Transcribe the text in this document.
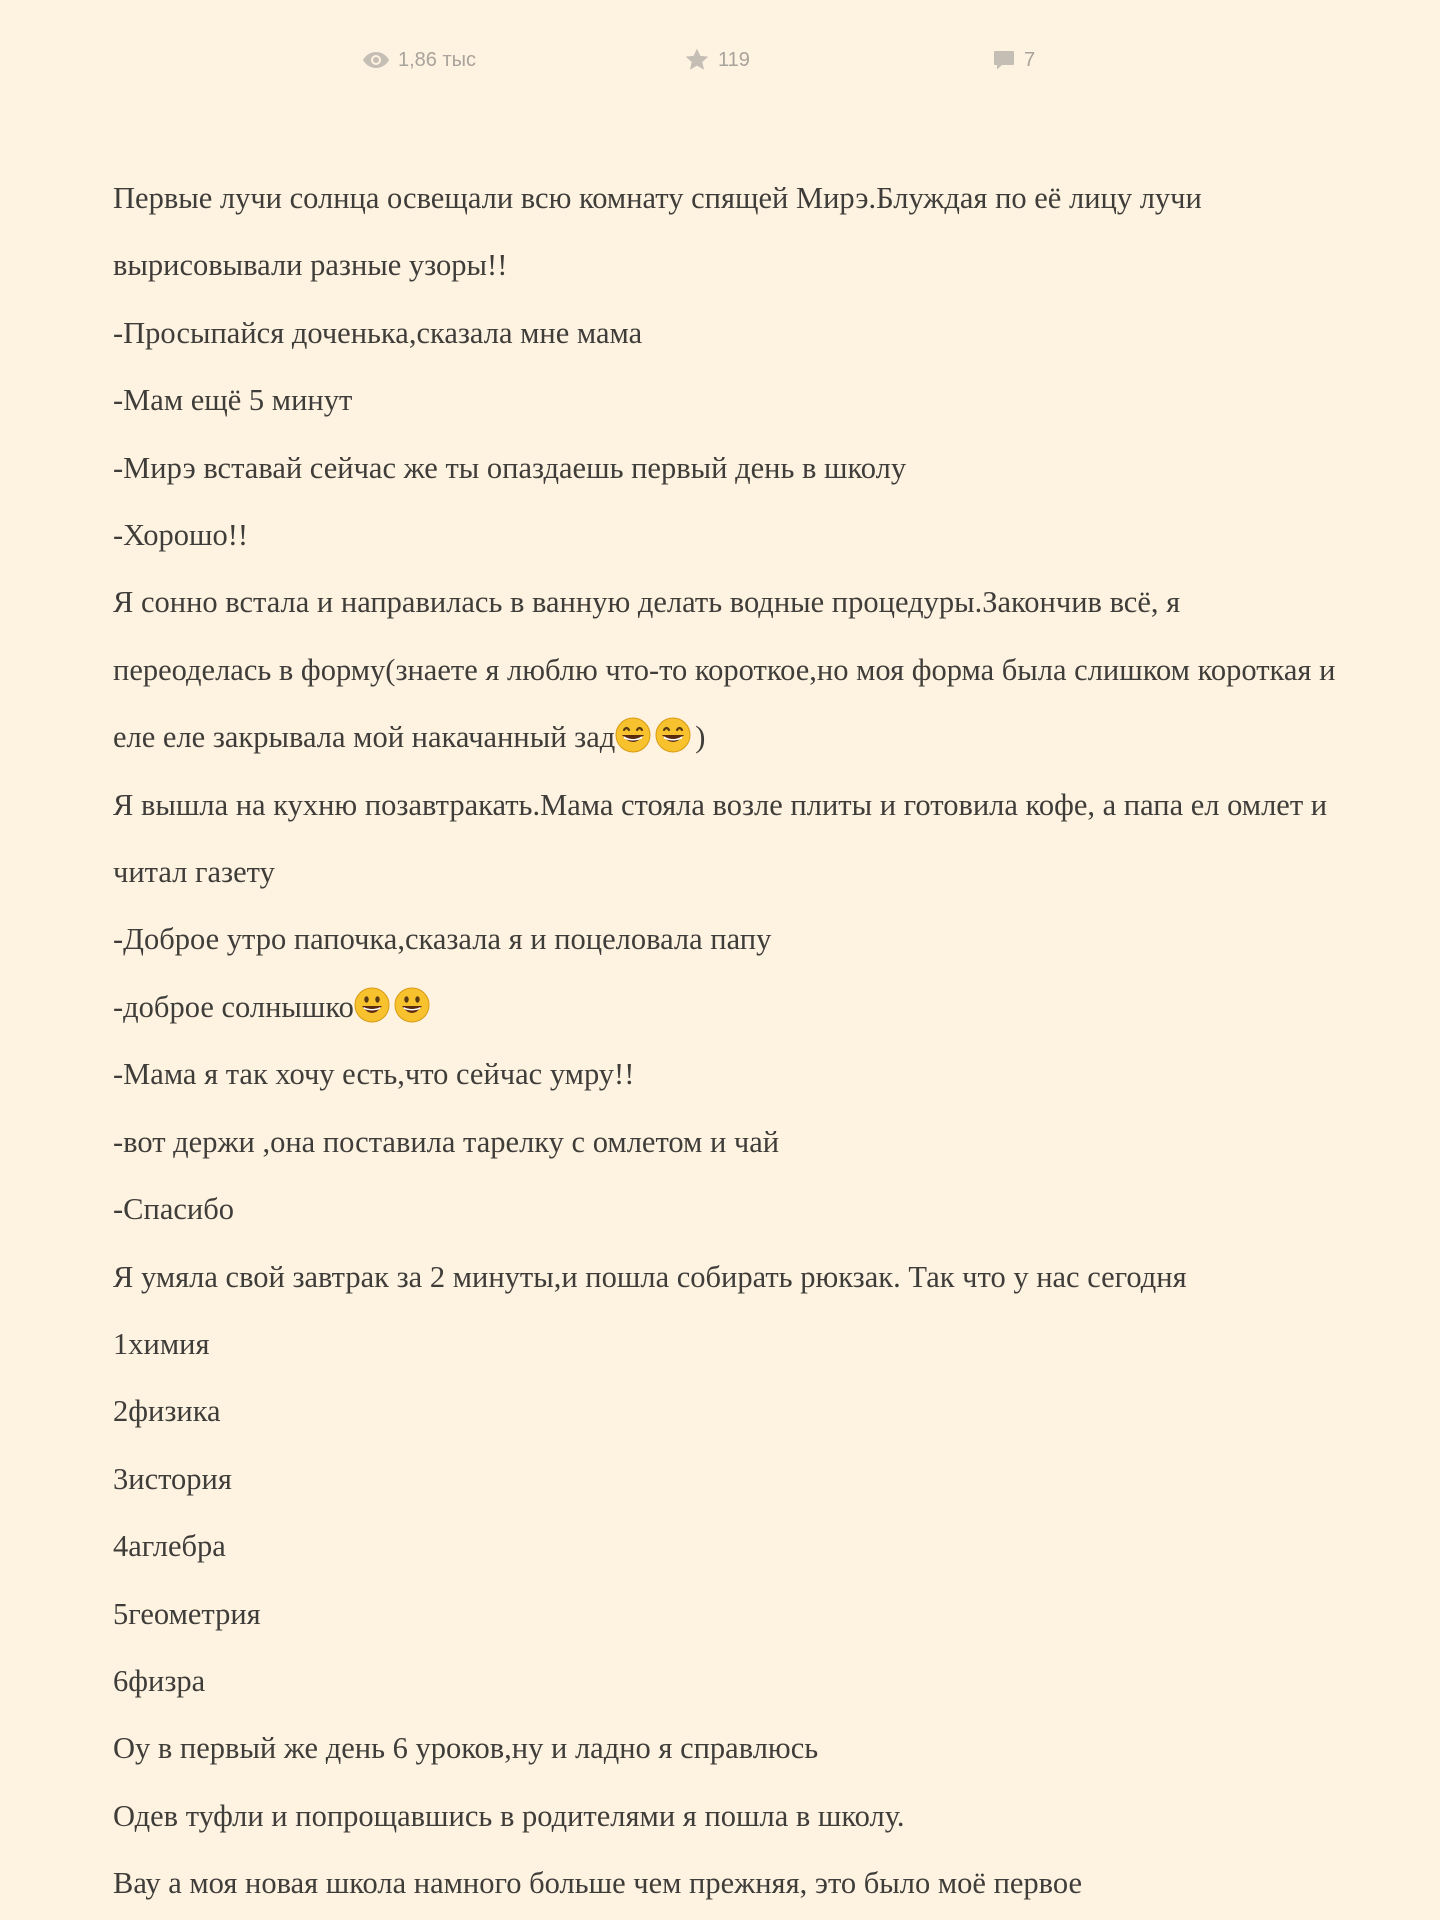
1,86 тыс	119	7

Первые лучи солнца освещали всю комнату спящей Мирэ.Блуждая по её лицу лучи вырисовывали разные узоры!!

-Просыпайся доченька,сказала мне мама

-Мам ещё 5 минут

-Мирэ вставай сейчас же ты опаздаешь первый день в школу

-Хорошо!!

Я сонно встала и направилась в ванную делать водные процедуры.Закончив всё, я переоделась в форму(знаете я люблю что-то короткое,но моя форма была слишком короткая и еле еле закрывала мой накачанный зад	)

Я вышла на кухню позавтракать.Мама стояла возле плиты и готовила кофе, а папа ел омлет и читал газету

-Доброе утро папочка,сказала я и поцеловала папу

-доброе солнышко

-Мама я так хочу есть,что сейчас умру!!

-вот держи ,она поставила тарелку с омлетом и чай

-Спасибо

Я умяла свой завтрак за 2 минуты,и пошла собирать рюкзак. Так что у нас сегодня

1химия

2физика

3история

4аглебра

5геометрия

6физра

Оу в первый же день 6 уроков,ну и ладно я справлюсь

Одев туфли и попрощавшись в родителями я пошла в школу.

Вау а моя новая школа намного больше чем прежняя, это было моё первое
